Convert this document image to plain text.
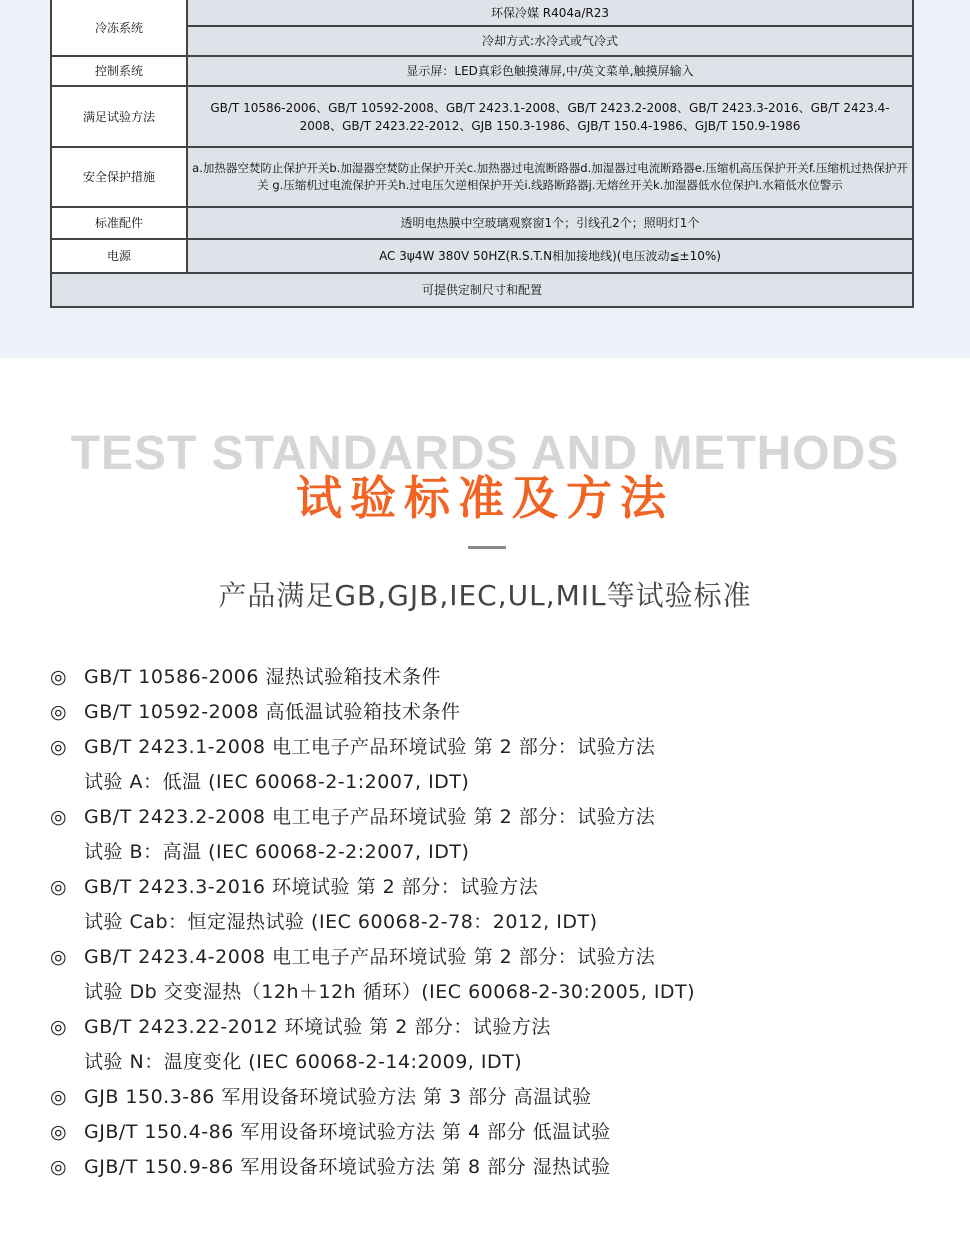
冷冻系统	环保冷媒 R404a/R23
	冷却方式:水冷式或气冷式
控制系统	显示屏：LED真彩色触摸薄屏,中/英文菜单,触摸屏输入
满足试验方法	GB/T 10586-2006、GB/T 10592-2008、GB/T 2423.1-2008、GB/T 2423.2-2008、GB/T 2423.3-2016、GB/T 2423.4-2008、GB/T 2423.22-2012、GJB 150.3-1986、GJB/T 150.4-1986、GJB/T 150.9-1986
安全保护措施	a.加热器空焚防止保护开关b.加湿器空焚防止保护开关c.加热器过电流断路器d.加湿器过电流断路器e.压缩机高压保护开关f.压缩机过热保护开关 g.压缩机过电流保护开关h.过电压欠逆相保护开关i.线路断路器j.无熔丝开关k.加湿器低水位保护l.水箱低水位警示
标准配件	透明电热膜中空玻璃观察窗1个；引线孔2个；照明灯1个
电源	AC 3ψ4W 380V 50HZ(R.S.T.N相加接地线)(电压波动≦±10%)
可提供定制尺寸和配置	
TEST STANDARDS AND METHODS
试验标准及方法
产品满足GB,GJB,IEC,UL,MIL等试验标准
◎ GB/T 10586-2006 湿热试验箱技术条件
◎ GB/T 10592-2008 高低温试验箱技术条件
◎ GB/T 2423.1-2008 电工电子产品环境试验 第 2 部分：试验方法
试验 A：低温 (IEC 60068-2-1:2007, IDT)
◎ GB/T 2423.2-2008 电工电子产品环境试验 第 2 部分：试验方法
试验 B：高温 (IEC 60068-2-2:2007, IDT)
◎ GB/T 2423.3-2016 环境试验 第 2 部分：试验方法
试验 Cab：恒定湿热试验 (IEC 60068-2-78：2012, IDT)
◎ GB/T 2423.4-2008 电工电子产品环境试验 第 2 部分：试验方法
试验 Db 交变湿热（12h＋12h 循环）(IEC 60068-2-30:2005, IDT)
◎ GB/T 2423.22-2012 环境试验 第 2 部分：试验方法
试验 N：温度变化 (IEC 60068-2-14:2009, IDT)
◎ GJB 150.3-86 军用设备环境试验方法 第 3 部分 高温试验
◎ GJB/T 150.4-86 军用设备环境试验方法 第 4 部分 低温试验
◎ GJB/T 150.9-86 军用设备环境试验方法 第 8 部分 湿热试验
